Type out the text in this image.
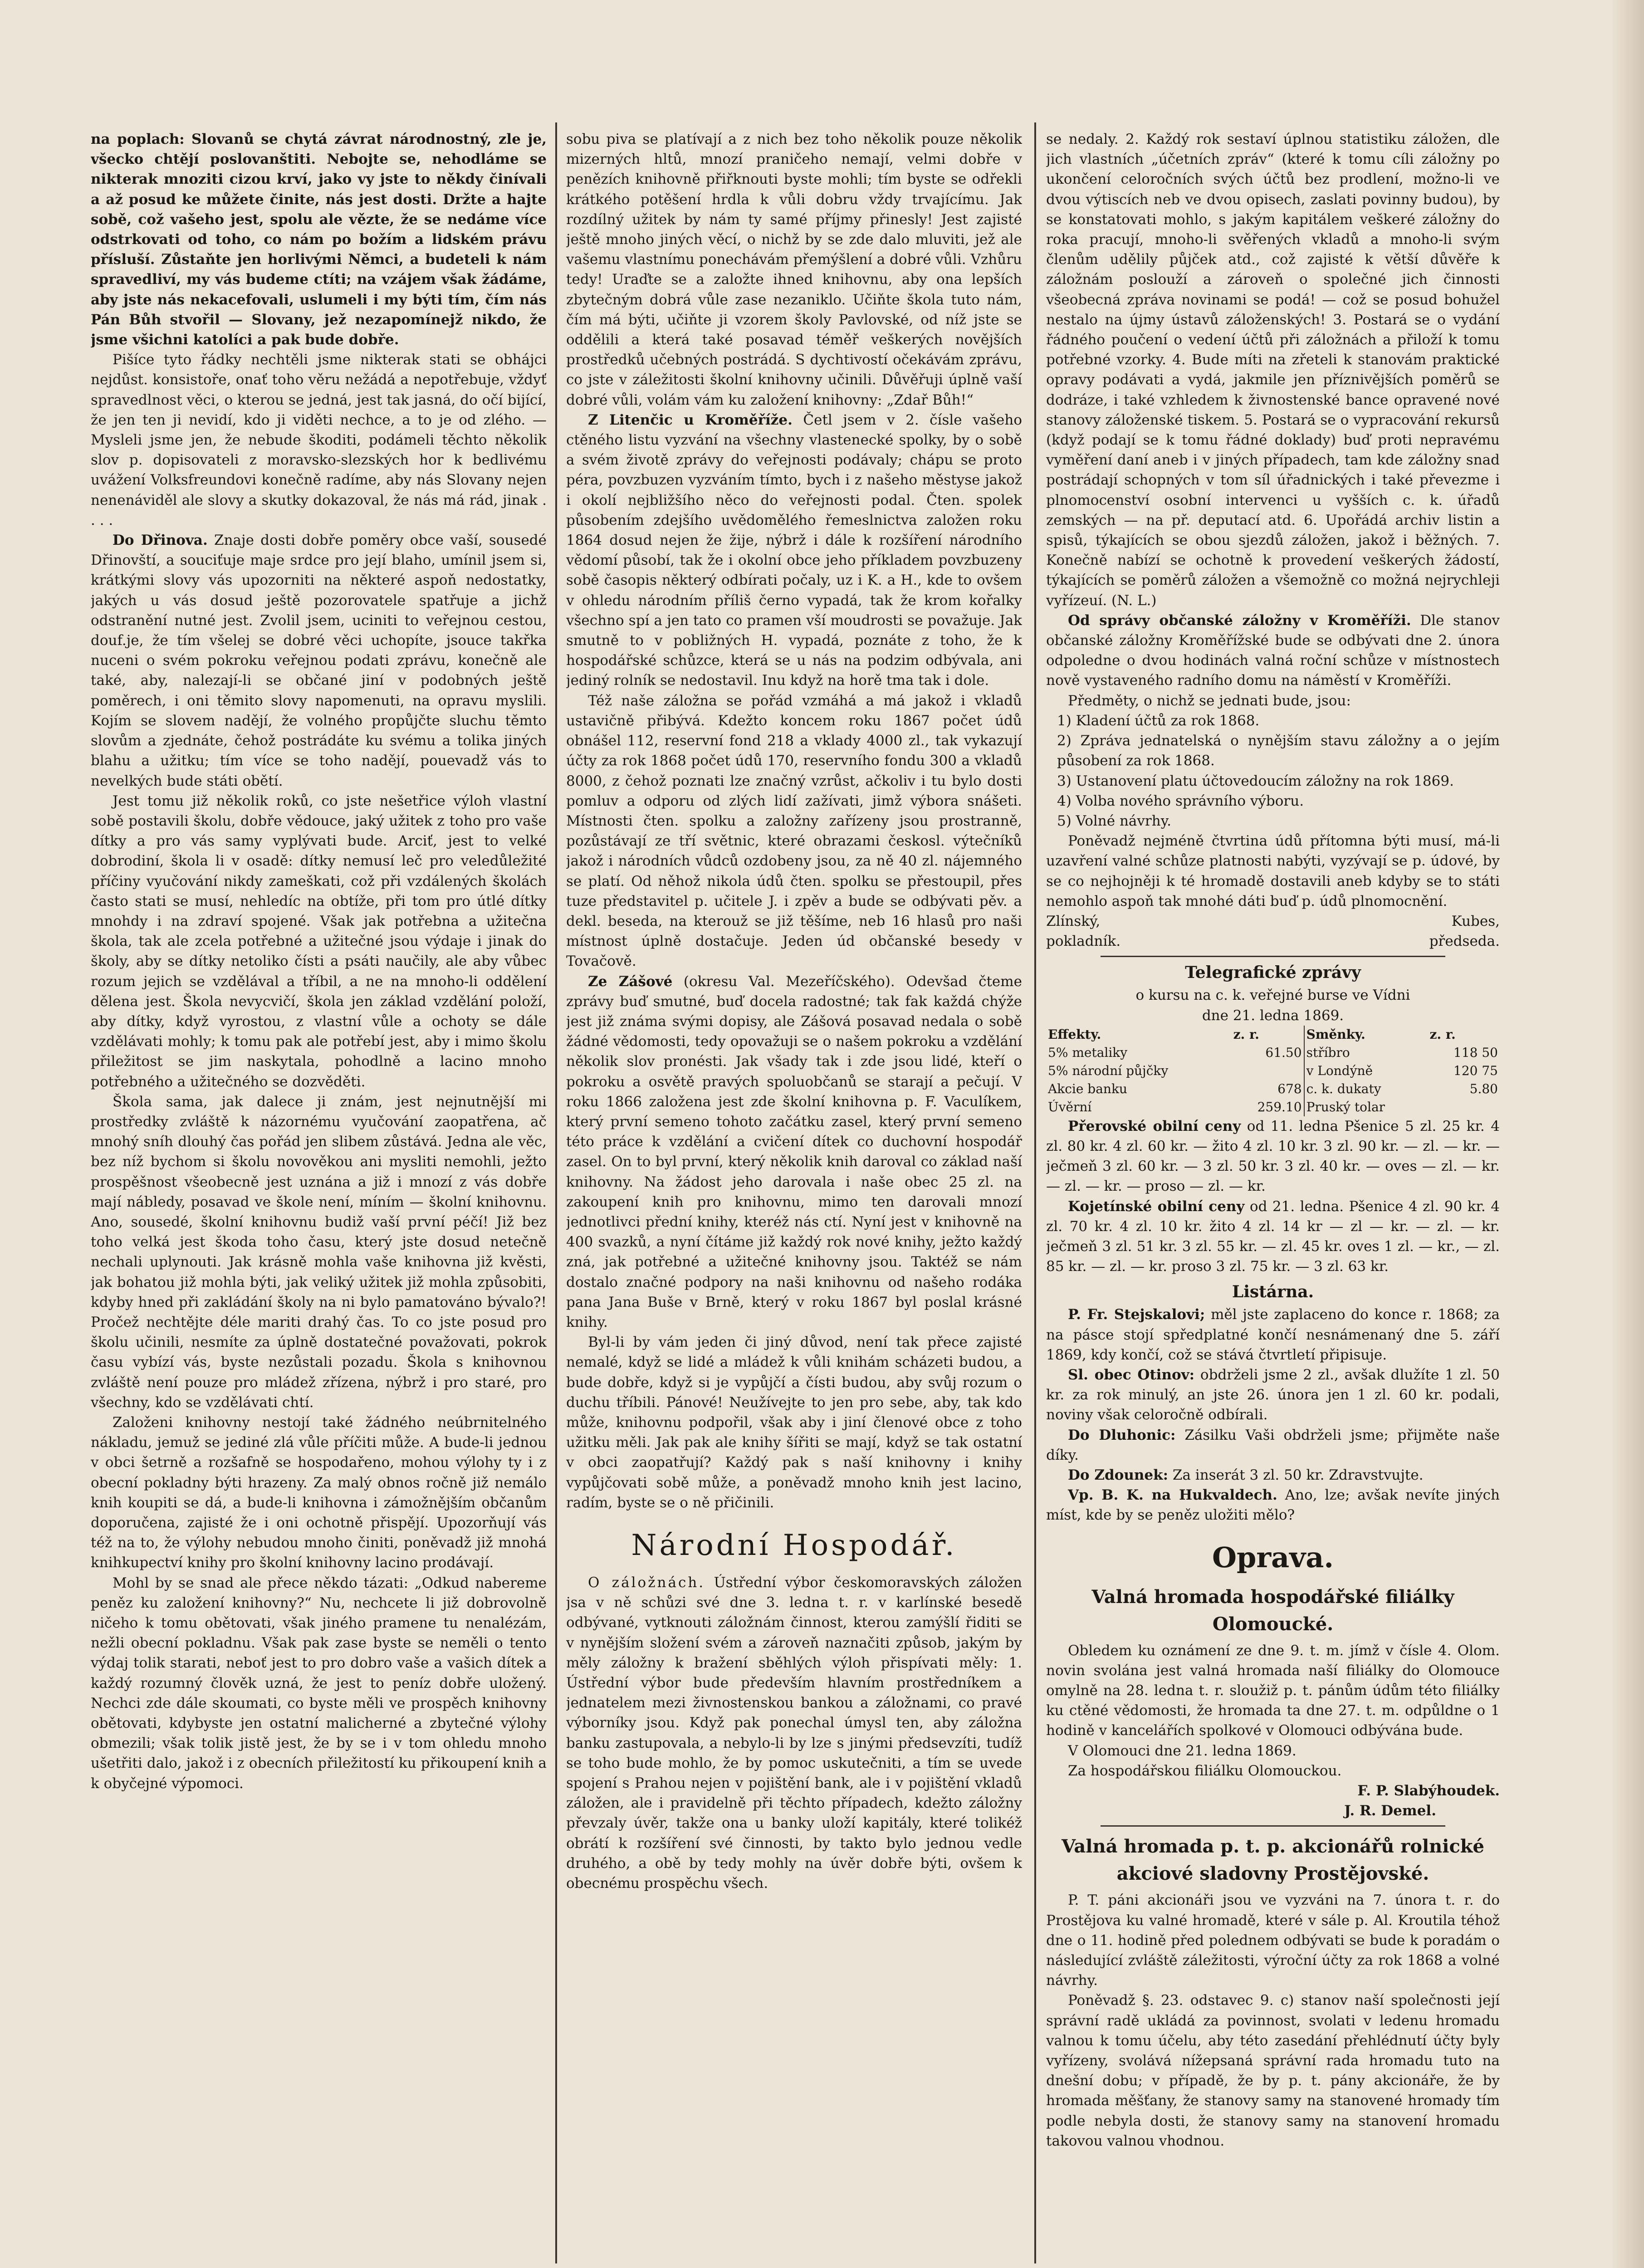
na poplach: Slovanů se chytá závrat národnostný, zle je, všecko chtějí poslovanštiti. Nebojte se, nehodláme se nikterak mnoziti cizou krví, jako vy jste to někdy činívali a až posud ke můžete činite, nás jest dosti. Držte a hajte sobě, což vašeho jest, spolu ale vězte, že se nedáme více odstrkovati od toho, co nám po božím a lidském právu přísluší. Zůstaňte jen horlivými Němci, a budeteli k nám spravedliví, my vás budeme ctíti; na vzájem však žádáme, aby jste nás nekacefovali, uslumeli i my býti tím, čím nás Pán Bůh stvořil — Slovany, jež nezapomínejž nikdo, že jsme všichni katolíci a pak bude dobře.

Pišíce tyto řádky nechtěli jsme nikterak stati se obhájci nejdůst. konsistoře, onať toho věru nežádá a nepotřebuje, vždyť spravedlnost věci, o kterou se jedná, jest tak jasná, do očí bijící, že jen ten ji nevidí, kdo ji viděti nechce, a to je od zlého. — Mysleli jsme jen, že nebude škoditi, podámeli těchto několik slov p. dopisovateli z moravsko-slezských hor k bedlivému uvážení Volksfreundovi konečně radíme, aby nás Slovany nejen nenenáviděl ale slovy a skutky dokazoval, že nás má rád, jinak . . . .

Do Dřinova. Znaje dosti dobře poměry obce vaší, sousedé Dřinovští, a souciťuje maje srdce pro její blaho, umínil jsem si, krátkými slovy vás upozorniti na některé aspoň nedostatky, jakých u vás dosud ještě pozorovatele spatřuje a jichž odstranění nutné jest. Zvolil jsem, uciniti to veřejnou cestou, douf.je, že tím všelej se dobré věci uchopíte, jsouce takřka nuceni o svém pokroku veřejnou podati zprávu, konečně ale také, aby, nalezají-li se občané jiní v podobných ještě poměrech, i oni těmito slovy napomenuti, na opravu myslili. Kojím se slovem nadějí, že volného propůjčte sluchu těmto slovům a zjednáte, čehož postrádáte ku svému a tolika jiných blahu a užitku; tím více se toho nadějí, pouevadž vás to nevelkých bude státi obětí.

Jest tomu již několik roků, co jste nešetřice výloh vlastní sobě postavili školu, dobře vědouce, jaký užitek z toho pro vaše dítky a pro vás samy vyplývati bude. Arciť, jest to velké dobrodiní, škola li v osadě: dítky nemusí leč pro veledůležité příčiny vyučování nikdy zameškati, což při vzdálených školách často stati se musí, nehledíc na obtíže, při tom pro útlé dítky mnohdy i na zdraví spojené. Však jak potřebna a užitečna škola, tak ale zcela potřebné a užitečné jsou výdaje i jinak do školy, aby se dítky netoliko čísti a psáti naučily, ale aby vůbec rozum jejich se vzdělával a tříbil, a ne na mnoho-li oddělení dělena jest. Škola nevycvičí, škola jen základ vzdělání položí, aby dítky, když vyrostou, z vlastní vůle a ochoty se dále vzdělávati mohly; k tomu pak ale potřebí jest, aby i mimo školu přiležitost se jim naskytala, pohodlně a lacino mnoho potřebného a užitečného se dozvěděti.

Škola sama, jak dalece ji znám, jest nejnutnější mi prostředky zvláště k názornému vyučování zaopatřena, ač mnohý sníh dlouhý čas pořád jen slibem zůstává. Jedna ale věc, bez níž bychom si školu novověkou ani mysliti nemohli, ježto prospěšnost všeobecně jest uznána a již i mnozí z vás dobře mají nábledy, posavad ve škole není, míním — školní knihovnu. Ano, sousedé, školní knihovnu budiž vaší první péčí! Již bez toho velká jest škoda toho času, který jste dosud netečně nechali uplynouti. Jak krásně mohla vaše knihovna již kvěsti, jak bohatou již mohla býti, jak veliký užitek již mohla způsobiti, kdyby hned při zakládání školy na ni bylo pamatováno bývalo?! Pročež nechtějte déle mariti drahý čas. To co jste posud pro školu učinili, nesmíte za úplně dostatečné považovati, pokrok času vybízí vás, byste nezůstali pozadu. Škola s knihovnou zvláště není pouze pro mládež zřízena, nýbrž i pro staré, pro všechny, kdo se vzdělávati chtí.

Založeni knihovny nestojí také žádného neúbrnitelného nákladu, jemuž se jediné zlá vůle příčiti může. A bude-li jednou v obci šetrně a rozšafně se hospodařeno, mohou výlohy ty i z obecní pokladny býti hrazeny. Za malý obnos ročně již nemálo knih koupiti se dá, a bude-li knihovna i zámožnějším občanům doporučena, zajisté že i oni ochotně přispějí. Upozorňují vás též na to, že výlohy nebudou mnoho činiti, poněvadž již mnohá knihkupectví knihy pro školní knihovny lacino prodávají.

Mohl by se snad ale přece někdo tázati: „Odkud nabereme peněz ku založení knihovny?“ Nu, nechcete li již dobrovolně ničeho k tomu obětovati, však jiného pramene tu nenalézám, nežli obecní pokladnu. Však pak zase byste se neměli o tento výdaj tolik starati, neboť jest to pro dobro vaše a vašich dítek a každý rozumný člověk uzná, že jest to peníz dobře uložený. Nechci zde dále skoumati, co byste měli ve prospěch knihovny obětovati, kdybyste jen ostatní malicherné a zbytečné výlohy obmezili; však tolik jistě jest, že by se i v tom ohledu mnoho ušetřiti dalo, jakož i z obecních přiležitostí ku přikoupení knih a k obyčejné výpomoci.

sobu piva se platívají a z nich bez toho několik pouze několik mizerných hltů, mnozí praničeho nemají, velmi dobře v penězích knihovně přiřknouti byste mohli; tím byste se odřekli krátkého potěšení hrdla k vůli dobru vždy trvajícímu. Jak rozdílný užitek by nám ty samé příjmy přinesly! Jest zajisté ještě mnoho jiných věcí, o nichž by se zde dalo mluviti, jež ale vašemu vlastnímu ponechávám přemýšlení a dobré vůli. Vzhůru tedy! Uraďte se a založte ihned knihovnu, aby ona lepších zbytečným dobrá vůle zase nezaniklo. Učiňte škola tuto nám, čím má býti, učiňte ji vzorem školy Pavlovské, od níž jste se oddělili a která také posavad téměř veškerých novějších prostředků učebných postrádá. S dychtivostí očekávám zprávu, co jste v záležitosti školní knihovny učinili. Důvěřuji úplně vaší dobré vůli, volám vám ku založení knihovny: „Zdař Bůh!“

Z Litenčic u Kroměříže. Četl jsem v 2. čísle vašeho ctěného listu vyzvání na všechny vlastenecké spolky, by o sobě a svém životě zprávy do veřejnosti podávaly; chápu se proto péra, povzbuzen vyzváním tímto, bych i z našeho městyse jakož i okolí nejbližšího něco do veřejnosti podal. Čten. spolek působením zdejšího uvědomělého řemeslnictva založen roku 1864 dosud nejen že žije, nýbrž i dále k rozšíření národního vědomí působí, tak že i okolní obce jeho příkladem povzbuzeny sobě časopis některý odbírati počaly, uz i K. a H., kde to ovšem v ohledu národním příliš černo vypadá, tak že krom kořalky všechno spí a jen tato co pramen vší moudrosti se považuje. Jak smutně to v pobližných H. vypadá, poznáte z toho, že k hospodářské schůzce, která se u nás na podzim odbývala, ani jediný rolník se nedostavil. Inu když na horě tma tak i dole.

Též naše záložna se pořád vzmáhá a má jakož i vkladů ustavičně přibývá. Kdežto koncem roku 1867 počet údů obnášel 112, reservní fond 218 a vklady 4000 zl., tak vykazují účty za rok 1868 počet údů 170, reservního fondu 300 a vkladů 8000, z čehož poznati lze značný vzrůst, ačkoliv i tu bylo dosti pomluv a odporu od zlých lidí zažívati, jimž výbora snášeti. Místnosti čten. spolku a založny zařízeny jsou prostranně, pozůstávají ze tří světnic, které obrazami českosl. výtečníků jakož i národních vůdců ozdobeny jsou, za ně 40 zl. nájemného se platí. Od něhož nikola údů čten. spolku se přestoupil, přes tuze představitel p. učitele J. i zpěv a bude se odbývati pěv. a dekl. beseda, na kterouž se již těšíme, neb 16 hlasů pro naši místnost úplně dostačuje. Jeden úd občanské besedy v Tovačově.

Ze Zášové (okresu Val. Mezeříčského). Odevšad čteme zprávy buď smutné, buď docela radostné; tak fak každá chýže jest již známa svými dopisy, ale Zášová posavad nedala o sobě žádné vědomosti, tedy opovažuji se o našem pokroku a vzdělání několik slov pronésti. Jak všady tak i zde jsou lidé, kteří o pokroku a osvětě pravých spoluobčanů se starají a pečují. V roku 1866 založena jest zde školní knihovna p. F. Vaculíkem, který první semeno tohoto začátku zasel, který první semeno této práce k vzdělání a cvičení dítek co duchovní hospodář zasel. On to byl první, který několik knih daroval co základ naší knihovny. Na žádost jeho darovala i naše obec 25 zl. na zakoupení knih pro knihovnu, mimo ten darovali mnozí jednotlivci přední knihy, kteréž nás ctí. Nyní jest v knihovně na 400 svazků, a nyní čítáme již každý rok nové knihy, ježto každý zná, jak potřebné a užitečné knihovny jsou. Taktéž se nám dostalo značné podpory na naši knihovnu od našeho rodáka pana Jana Buše v Brně, který v roku 1867 byl poslal krásné knihy.

Byl-li by vám jeden či jiný důvod, není tak přece zajisté nemalé, když se lidé a mládež k vůli knihám scházeti budou, a bude dobře, když si je vypůjčí a čísti budou, aby svůj rozum o duchu tříbili. Pánové! Neužívejte to jen pro sebe, aby, tak kdo může, knihovnu podpořil, však aby i jiní členové obce z toho užitku měli. Jak pak ale knihy šířiti se mají, když se tak ostatní v obci zaopatřují? Každý pak s naší knihovny i knihy vypůjčovati sobě může, a poněvadž mnoho knih jest lacino, radím, byste se o ně přičinili.

Národní Hospodář.

O záložnách. Ústřední výbor českomoravských záložen jsa v ně schůzi své dne 3. ledna t. r. v karlínské besedě odbývané, vytknouti záložnám činnost, kterou zamýšlí řiditi se v nynějším složení svém a zároveň naznačiti způsob, jakým by měly záložny k bražení sběhlých výloh přispívati měly: 1. Ústřední výbor bude především hlavním prostředníkem a jednatelem mezi živnostenskou bankou a záložnami, co pravé výborníky jsou. Když pak ponechal úmysl ten, aby záložna banku zastupovala, a nebylo-li by lze s jinými předsevzíti, tudíž se toho bude mohlo, že by pomoc uskutečniti, a tím se uvede spojení s Prahou nejen v pojištění bank, ale i v pojištění vkladů záložen, ale i pravidelně při těchto případech, kdežto záložny převzaly úvěr, takže ona u banky uloží kapitály, které tolikéž obrátí k rozšíření své činnosti, by takto bylo jednou vedle druhého, a obě by tedy mohly na úvěr dobře býti, ovšem k obecnému prospěchu všech.

se nedaly. 2. Každý rok sestaví úplnou statistiku záložen, dle jich vlastních „účetních zpráv“ (které k tomu cíli záložny po ukončení celoročních svých účtů bez prodlení, možno-li ve dvou výtiscích neb ve dvou opisech, zaslati povinny budou), by se konstatovati mohlo, s jakým kapitálem veškeré záložny do roka pracují, mnoho-li svěřených vkladů a mnoho-li svým členům udělily půjček atd., což zajisté k větší důvěře k záložnám poslouží a zároveň o společné jich činnosti všeobecná zpráva novinami se podá! — což se posud bohužel nestalo na újmy ústavů záloženských! 3. Postará se o vydání řádného poučení o vedení účtů při záložnách a přiloží k tomu potřebné vzorky. 4. Bude míti na zřeteli k stanovám praktické opravy podávati a vydá, jakmile jen příznivějších poměrů se dodráze, i také vzhledem k živnostenské bance opravené nové stanovy záloženské tiskem. 5. Postará se o vypracování rekursů (když podají se k tomu řádné doklady) buď proti nepravému vyměření daní aneb i v jiných případech, tam kde záložny snad postrádají schopných v tom síl úřadnických i také převezme i plnomocenství osobní intervenci u vyšších c. k. úřadů zemských — na př. deputací atd. 6. Upořádá archiv listin a spisů, týkajících se obou sjezdů záložen, jakož i běžných. 7. Konečně nabízí se ochotně k provedení veškerých žádostí, týkajících se poměrů záložen a všemožně co možná nejrychleji vyřízeuí. (N. L.)

Od správy občanské záložny v Kroměříži. Dle stanov občanské záložny Kroměřížské bude se odbývati dne 2. února odpoledne o dvou hodinách valná roční schůze v místnostech nově vystaveného radního domu na náměstí v Kroměříži.

Předměty, o nichž se jednati bude, jsou:

1) Kladení účtů za rok 1868.
2) Zpráva jednatelská o nynějším stavu záložny a o jejím působení za rok 1868.
3) Ustanovení platu účtovedoucím záložny na rok 1869.
4) Volba nového správního výboru.
5) Volné návrhy.

Poněvadž nejméně čtvrtina údů přítomna býti musí, má-li uzavření valné schůze platnosti nabýti, vyzývají se p. údové, by se co nejhojněji k té hromadě dostavili aneb kdyby se to státi nemohlo aspoň tak mnohé dáti buď p. údů plnomocnění.

Zlínský,
pokladník.
Kubes,
předseda.
Telegrafické zprávy
o kursu na c. k. veřejné burse ve Vídni
dne 21. ledna 1869.
Effekty.	z. r.	Směnky.	z. r.
5% metaliky	61.50	stříbro	118 50
5% národní půjčky		v Londýně	120 75
Akcie banku	678	c. k. dukaty	5.80
Úvěrní	259.10	Pruský tolar	

Přerovské obilní ceny od 11. ledna Pšenice 5 zl. 25 kr. 4 zl. 80 kr. 4 zl. 60 kr. — žito 4 zl. 10 kr. 3 zl. 90 kr. — zl. — kr. — ječmeň 3 zl. 60 kr. — 3 zl. 50 kr. 3 zl. 40 kr. — oves — zl. — kr. — zl. — kr. — proso — zl. — kr.

Kojetínské obilní ceny od 21. ledna. Pšenice 4 zl. 90 kr. 4 zl. 70 kr. 4 zl. 10 kr. žito 4 zl. 14 kr — zl — kr. — zl. — kr. ječmeň 3 zl. 51 kr. 3 zl. 55 kr. — zl. 45 kr. oves 1 zl. — kr., — zl. 85 kr. — zl. — kr. proso 3 zl. 75 kr. — 3 zl. 63 kr.

Listárna.

P. Fr. Stejskalovi; měl jste zaplaceno do konce r. 1868; za na pásce stojí spředplatné končí nesnámenaný dne 5. září 1869, kdy končí, což se stává čtvrtletí připisuje.

Sl. obec Otinov: obdrželi jsme 2 zl., avšak dlužíte 1 zl. 50 kr. za rok minulý, an jste 26. února jen 1 zl. 60 kr. podali, noviny však celoročně odbírali.

Do Dluhonic: Zásilku Vaši obdrželi jsme; přijměte naše díky.

Do Zdounek: Za inserát 3 zl. 50 kr. Zdravstvujte.

Vp. B. K. na Hukvaldech. Ano, lze; avšak nevíte jiných míst, kde by se peněz uložiti mělo?

Oprava.
Valná hromada hospodářské filiálky Olomoucké.

Obledem ku oznámení ze dne 9. t. m. jímž v čísle 4. Olom. novin svolána jest valná hromada naší filiálky do Olomouce omylně na 28. ledna t. r. sloužiž p. t. pánům údům této filiálky ku ctěné vědomosti, že hromada ta dne 27. t. m. odpůldne o 1 hodině v kancelářích spolkové v Olomouci odbývána bude.

V Olomouci dne 21. ledna 1869.

Za hospodářskou filiálku Olomouckou.

F. P. Slabýhoudek.
J. R. Demel.
Valná hromada p. t. p. akcionářů rolnické akciové sladovny Prostějovské.

P. T. páni akcionáři jsou ve vyzváni na 7. února t. r. do Prostějova ku valné hromadě, které v sále p. Al. Kroutila téhož dne o 11. hodině před polednem odbývati se bude k poradám o následující zvláště záležitosti, výroční účty za rok 1868 a volné návrhy.

Poněvadž §. 23. odstavec 9. c) stanov naší společnosti její správní radě ukládá za povinnost, svolati v ledenu hromadu valnou k tomu účelu, aby této zasedání přehlédnutí účty byly vyřízeny, svolává nížepsaná správní rada hromadu tuto na dnešní dobu; v případě, že by p. t. pány akcionáře, že by hromada měšťany, že stanovy samy na stanovené hromady tím podle nebyla dosti, že stanovy samy na stanovení hromadu takovou valnou vhodnou.
